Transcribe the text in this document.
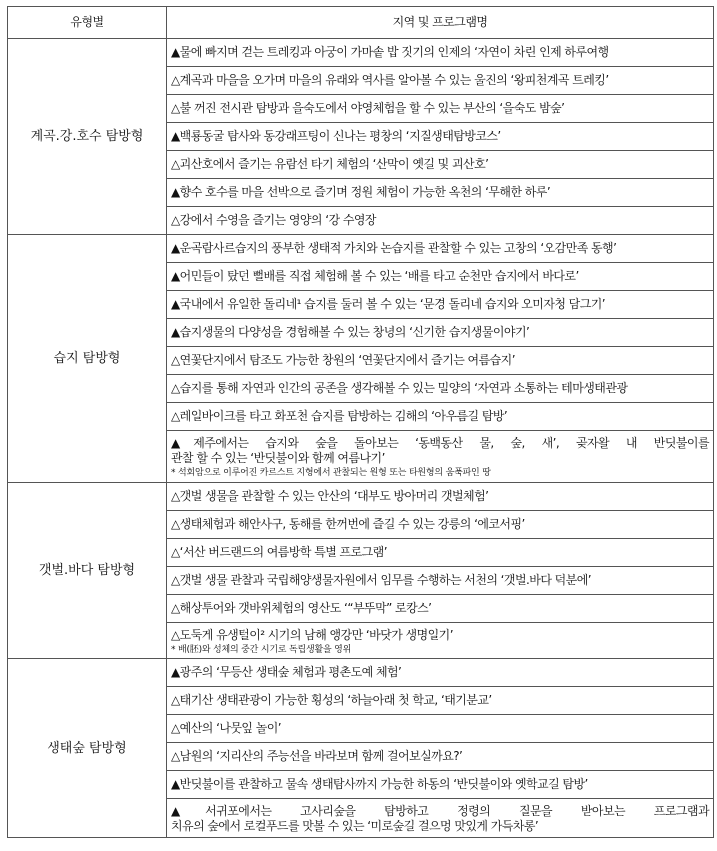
유형별	지역 및 프로그램명
계곡.강.호수 탐방형	▲물에 빠지며 걷는 트레킹과 아궁이 가마솥 밥 짓기의 인제의 ‘자연이 차린 인제 하루여행
	△계곡과 마을을 오가며 마을의 유래와 역사를 알아볼 수 있는 울진의 ‘왕피천계곡 트레킹’
	△불 꺼진 전시관 탐방과 을숙도에서 야영체험을 할 수 있는 부산의 ‘을숙도 밤숲’
	▲백룡동굴 탐사와 동강래프팅이 신나는 평창의 ‘지질생태탐방코스’
	△괴산호에서 즐기는 유람선 타기 체험의 ‘산막이 옛길 및 괴산호’
	▲향수 호수를 마을 선박으로 즐기며 정원 체험이 가능한 옥천의 ‘무해한 하루’
	△강에서 수영을 즐기는 영양의 ‘강 수영장
습지 탐방형	▲운곡람사르습지의 풍부한 생태적 가치와 논습지를 관찰할 수 있는 고창의 ‘오감만족 동행’
	▲어민들이 탔던 뻘배를 직접 체험해 볼 수 있는 ‘배를 타고 순천만 습지에서 바다로’
	▲국내에서 유일한 돌리네¹ 습지를 둘러 볼 수 있는 ‘문경 돌리네 습지와 오미자청 담그기’
	▲습지생물의 다양성을 경험해볼 수 있는 창녕의 ‘신기한 습지생물이야기’
	△연꽃단지에서 탐조도 가능한 창원의 ‘연꽃단지에서 즐기는 여름습지’
	△습지를 통해 자연과 인간의 공존을 생각해볼 수 있는 밀양의 ‘자연과 소통하는 테마생태관광
	△레일바이크를 타고 화포천 습지를 탐방하는 김해의 ‘아우름길 탐방’

	▲제주에서는 습지와 숲을 돌아보는 ‘동백동산 물, 숲, 새’, 곶자왈 내 반딧불이를
관찰 할 수 있는 ‘반딧불이와 함께 여름나기’
* 석회암으로 이루어진 카르스트 지형에서 관찰되는 원형 또는 타원형의 움푹파인 땅

갯벌.바다 탐방형	△갯벌 생물을 관찰할 수 있는 안산의 ‘대부도 방아머리 갯벌체험’
	△생태체험과 해안사구, 동해를 한꺼번에 즐길 수 있는 강릉의 ‘에코서핑’
	△‘서산 버드랜드의 여름방학 특별 프로그램’
	△갯벌 생물 관찰과 국립해양생물자원에서 임무를 수행하는 서천의 ‘갯벌.바다 덕분에’
	△해상투어와 갯바위체험의 영산도 ‘“부뚜막” 로캉스’

	△도둑게 유생털이² 시기의 남해 앵강만 ‘바닷가 생명일기’
* 배(胚)와 성체의 중간 시기로 독립생활을 영위

생태숲 탐방형	▲광주의 ‘무등산 생태숲 체험과 평촌도예 체험’
	△태기산 생태관광이 가능한 횡성의 ‘하늘아래 첫 학교, ‘태기분교’
	△예산의 ‘나뭇잎 놀이’
	△남원의 ‘지리산의 주능선을 바라보며 함께 걸어보실까요?’
	▲반딧불이를 관찰하고 물속 생태탐사까지 가능한 하동의 ‘반딧불이와 옛학교길 탐방’

	▲서귀포에서는 고사리숲을 탐방하고 정령의 질문을 받아보는 프로그램과
치유의 숲에서 로컬푸드를 맛볼 수 있는 ‘미로숲길 걸으멍 맛있게 가득차롱’
